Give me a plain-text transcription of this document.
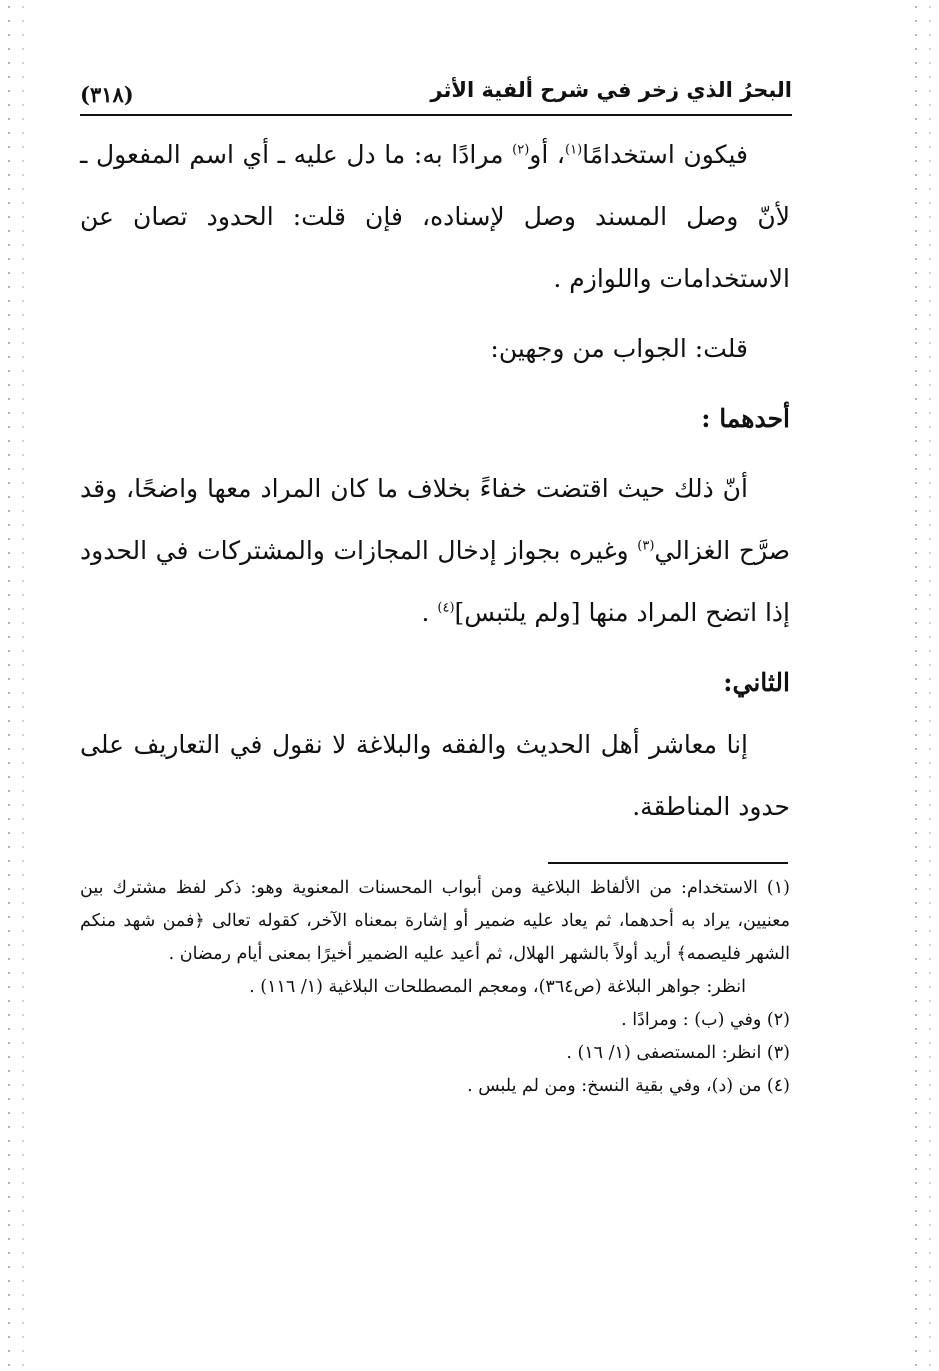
البحرُ الذي زخر في شرح ألفية الأثر
(٣١٨)

فيكون استخدامًا$^{(١)}$، أو$^{(٢)}$ مرادًا به: ما دل عليه ـ أي اسم المفعول ـ لأنّ وصل المسند وصل لإسناده، فإن قلت: الحدود تصان عن الاستخدامات واللوازم .

قلت: الجواب من وجهين:

أحدهما :

أنّ ذلك حيث اقتضت خفاءً بخلاف ما كان المراد معها واضحًا، وقد صرَّح الغزالي$^{(٣)}$ وغيره بجواز إدخال المجازات والمشتركات في الحدود إذا اتضح المراد منها [ولم يلتبس]$^{(٤)}$ .

الثاني:

إنا معاشر أهل الحديث والفقه والبلاغة لا نقول في التعاريف على حدود المناطقة.

(١) الاستخدام: من الألفاظ البلاغية ومن أبواب المحسنات المعنوية وهو: ذكر لفظ مشترك بين معنيين، يراد به أحدهما، ثم يعاد عليه ضمير أو إشارة بمعناه الآخر، كقوله تعالى ﴿فمن شهد منكم الشهر فليصمه﴾ أريد أولاً بالشهر الهلال، ثم أعيد عليه الضمير أخيرًا بمعنى أيام رمضان .

انظر: جواهر البلاغة (ص٣٦٤)، ومعجم المصطلحات البلاغية (١/ ١١٦) .

(٢) وفي (ب) : ومرادًا .

(٣) انظر: المستصفى (١/ ١٦) .

(٤) من (د)، وفي بقية النسخ: ومن لم يلبس .
